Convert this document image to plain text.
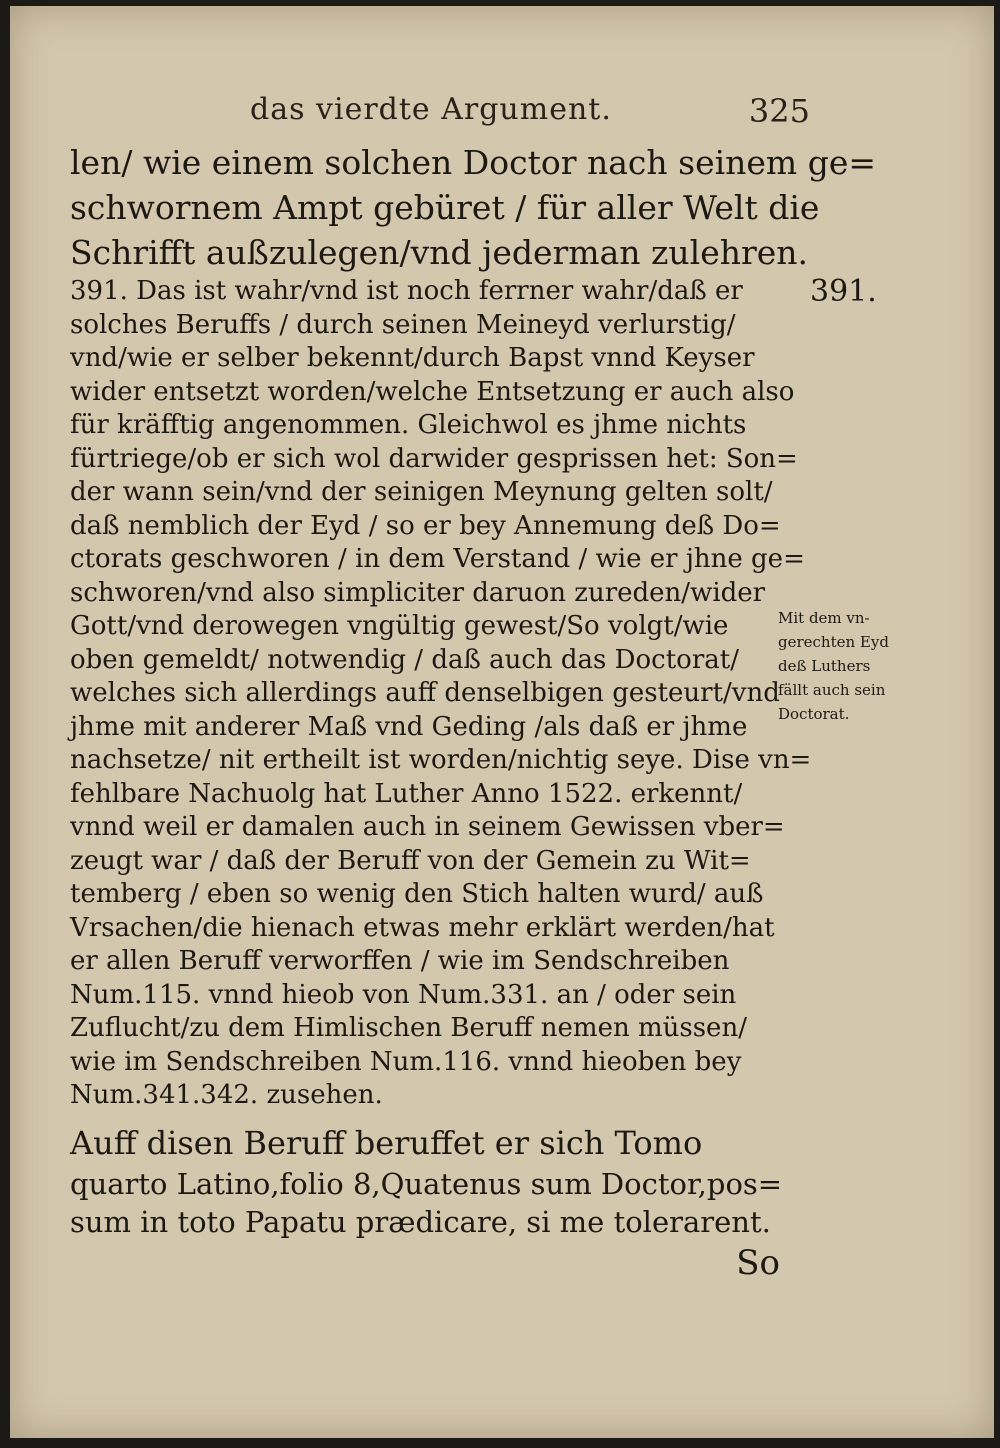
das vierdte Argument.	325
len/ wie einem solchen Doctor nach seinem ge=
schwornem Ampt gebüret / für aller Welt die
Schrifft außzulegen/vnd jederman zulehren.
391. Das ist wahr/vnd ist noch ferrner wahr/daß er
solches Beruffs / durch seinen Meineyd verlurstig/
vnd/wie er selber bekennt/durch Bapst vnnd Keyser
wider entsetzt worden/welche Entsetzung er auch also
für kräfftig angenommen. Gleichwol es jhme nichts
fürtriege/ob er sich wol darwider gesprissen het: Son=
der wann sein/vnd der seinigen Meynung gelten solt/
daß nemblich der Eyd / so er bey Annemung deß Do=
ctorats geschworen / in dem Verstand / wie er jhne ge=
schworen/vnd also simpliciter daruon zureden/wider
Gott/vnd derowegen vngültig gewest/So volgt/wie
oben gemeldt/ notwendig / daß auch das Doctorat/
welches sich allerdings auff denselbigen gesteurt/vnd
jhme mit anderer Maß vnd Geding /als daß er jhme
nachsetze/ nit ertheilt ist worden/nichtig seye. Dise vn=
fehlbare Nachuolg hat Luther Anno 1522. erkennt/
vnnd weil er damalen auch in seinem Gewissen vber=
zeugt war / daß der Beruff von der Gemein zu Wit=
temberg / eben so wenig den Stich halten wurd/ auß
Vrsachen/die hienach etwas mehr erklärt werden/hat
er allen Beruff verworffen / wie im Sendschreiben
Num.115. vnnd hieob von Num.331. an / oder sein
Zuflucht/zu dem Himlischen Beruff nemen müssen/
wie im Sendschreiben Num.116. vnnd hieoben bey
Num.341.342. zusehen.
Auff disen Beruff beruffet er sich Tomo
quarto Latino,folio 8,Quatenus sum Doctor,pos=
sum in toto Papatu prædicare, si me tolerarent.
So
391.
Mit dem vn-
gerechten Eyd
deß Luthers
fällt auch sein
Doctorat.
